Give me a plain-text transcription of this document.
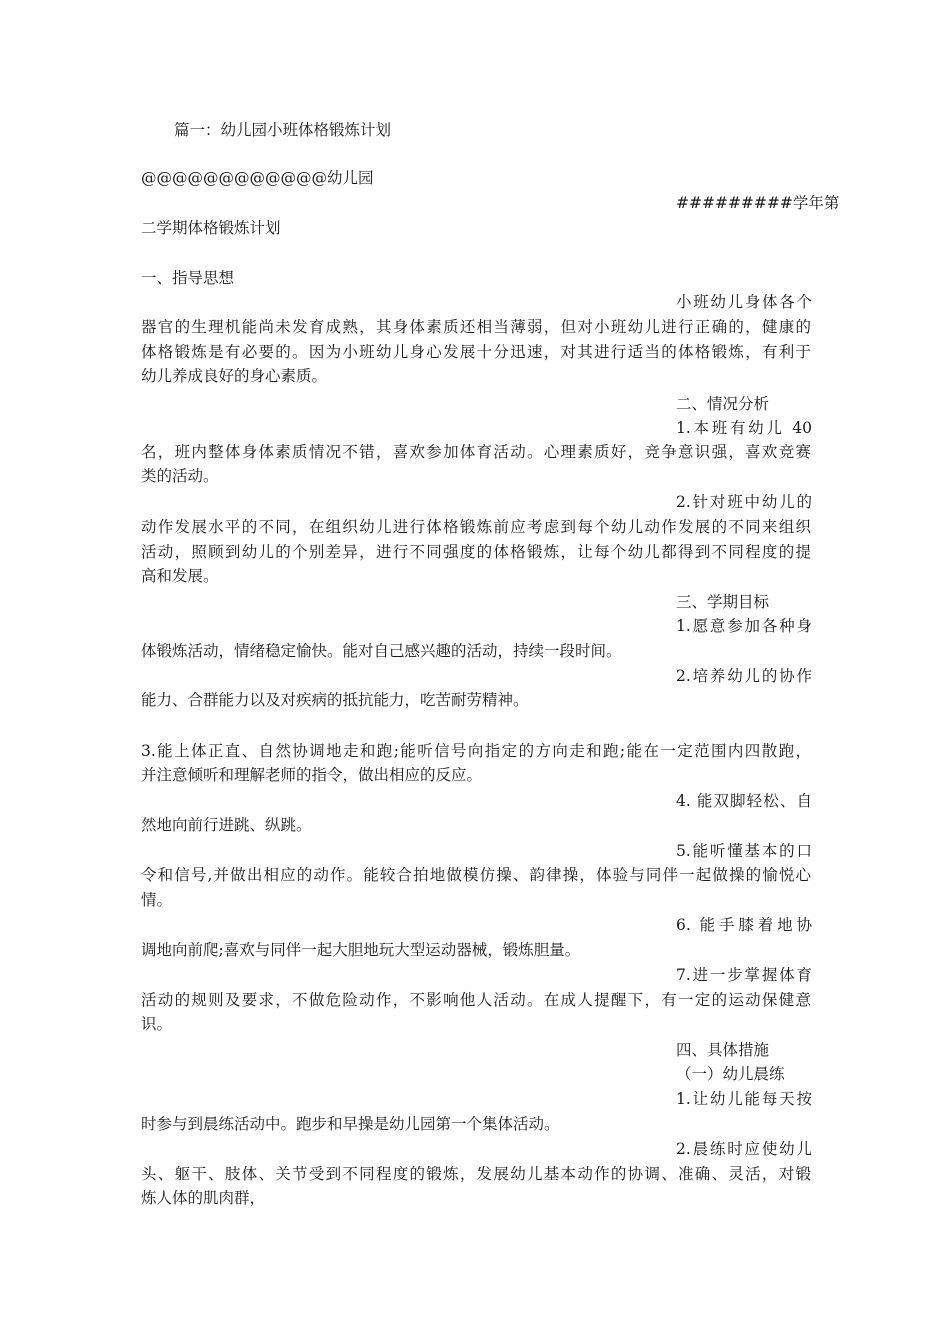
篇一：幼儿园小班体格锻炼计划
@@@@@@@@@@@@幼儿园
#########学年第
二学期体格锻炼计划
一、指导思想
小班幼儿身体各个
器官的生理机能尚未发育成熟，其身体素质还相当薄弱，但对小班幼儿进行正确的，健康的
体格锻炼是有必要的。因为小班幼儿身心发展十分迅速，对其进行适当的体格锻炼，有利于
幼儿养成良好的身心素质。
二、情况分析
1.本班有幼儿 40
名，班内整体身体素质情况不错，喜欢参加体育活动。心理素质好，竞争意识强，喜欢竞赛
类的活动。
2.针对班中幼儿的
动作发展水平的不同，在组织幼儿进行体格锻炼前应考虑到每个幼儿动作发展的不同来组织
活动，照顾到幼儿的个别差异，进行不同强度的体格锻炼，让每个幼儿都得到不同程度的提
高和发展。
三、学期目标
1.愿意参加各种身
体锻炼活动，情绪稳定愉快。能对自己感兴趣的活动，持续一段时间。
2.培养幼儿的协作
能力、合群能力以及对疾病的抵抗能力，吃苦耐劳精神。
3.能上体正直、自然协调地走和跑;能听信号向指定的方向走和跑;能在一定范围内四散跑，
并注意倾听和理解老师的指令，做出相应的反应。
4. 能双脚轻松、自
然地向前行进跳、纵跳。
5.能听懂基本的口
令和信号,并做出相应的动作。能较合拍地做模仿操、韵律操，体验与同伴一起做操的愉悦心
情。
6. 能手膝着地协
调地向前爬;喜欢与同伴一起大胆地玩大型运动器械，锻炼胆量。
7.进一步掌握体育
活动的规则及要求，不做危险动作，不影响他人活动。在成人提醒下，有一定的运动保健意
识。
四、具体措施
（一）幼儿晨练
1.让幼儿能每天按
时参与到晨练活动中。跑步和早操是幼儿园第一个集体活动。
2.晨练时应使幼儿
头、躯干、肢体、关节受到不同程度的锻炼，发展幼儿基本动作的协调、准确、灵活，对锻
炼人体的肌肉群，
